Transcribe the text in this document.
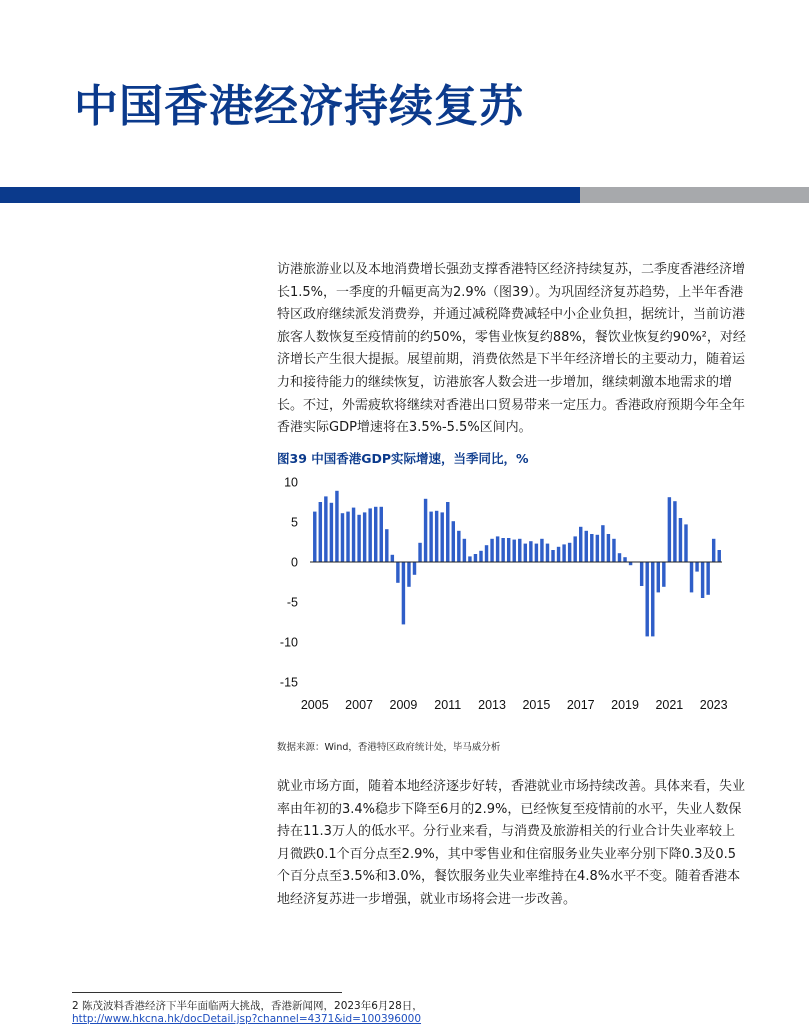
中国香港经济持续复苏

访港旅游业以及本地消费增长强劲支撑香港特区经济持续复苏，二季度香港经济增长1.5%，一季度的升幅更高为2.9%（图39）。为巩固经济复苏趋势，上半年香港特区政府继续派发消费券，并通过减税降费减轻中小企业负担，据统计，当前访港旅客人数恢复至疫情前的约50%，零售业恢复约88%，餐饮业恢复约90%²，对经济增长产生很大提振。展望前期，消费依然是下半年经济增长的主要动力，随着运力和接待能力的继续恢复，访港旅客人数会进一步增加，继续刺激本地需求的增长。不过，外需疲软将继续对香港出口贸易带来一定压力。香港政府预期今年全年香港实际GDP增速将在3.5%-5.5%区间内。

图39 中国香港GDP实际增速，当季同比，%

10
5
0
-5
-10
-15
2005 2007 2009 2011 2013 2015 2017 2019 2021 2023

数据来源：Wind，香港特区政府统计处，毕马威分析

就业市场方面，随着本地经济逐步好转，香港就业市场持续改善。具体来看，失业率由年初的3.4%稳步下降至6月的2.9%，已经恢复至疫情前的水平，失业人数保持在11.3万人的低水平。分行业来看，与消费及旅游相关的行业合计失业率较上月微跌0.1个百分点至2.9%，其中零售业和住宿服务业失业率分别下降0.3及0.5个百分点至3.5%和3.0%，餐饮服务业失业率维持在4.8%水平不变。随着香港本地经济复苏进一步增强，就业市场将会进一步改善。

2 陈茂波料香港经济下半年面临两大挑战，香港新闻网，2023年6月28日，

http://www.hkcna.hk/docDetail.jsp?channel=4371&id=100396000
